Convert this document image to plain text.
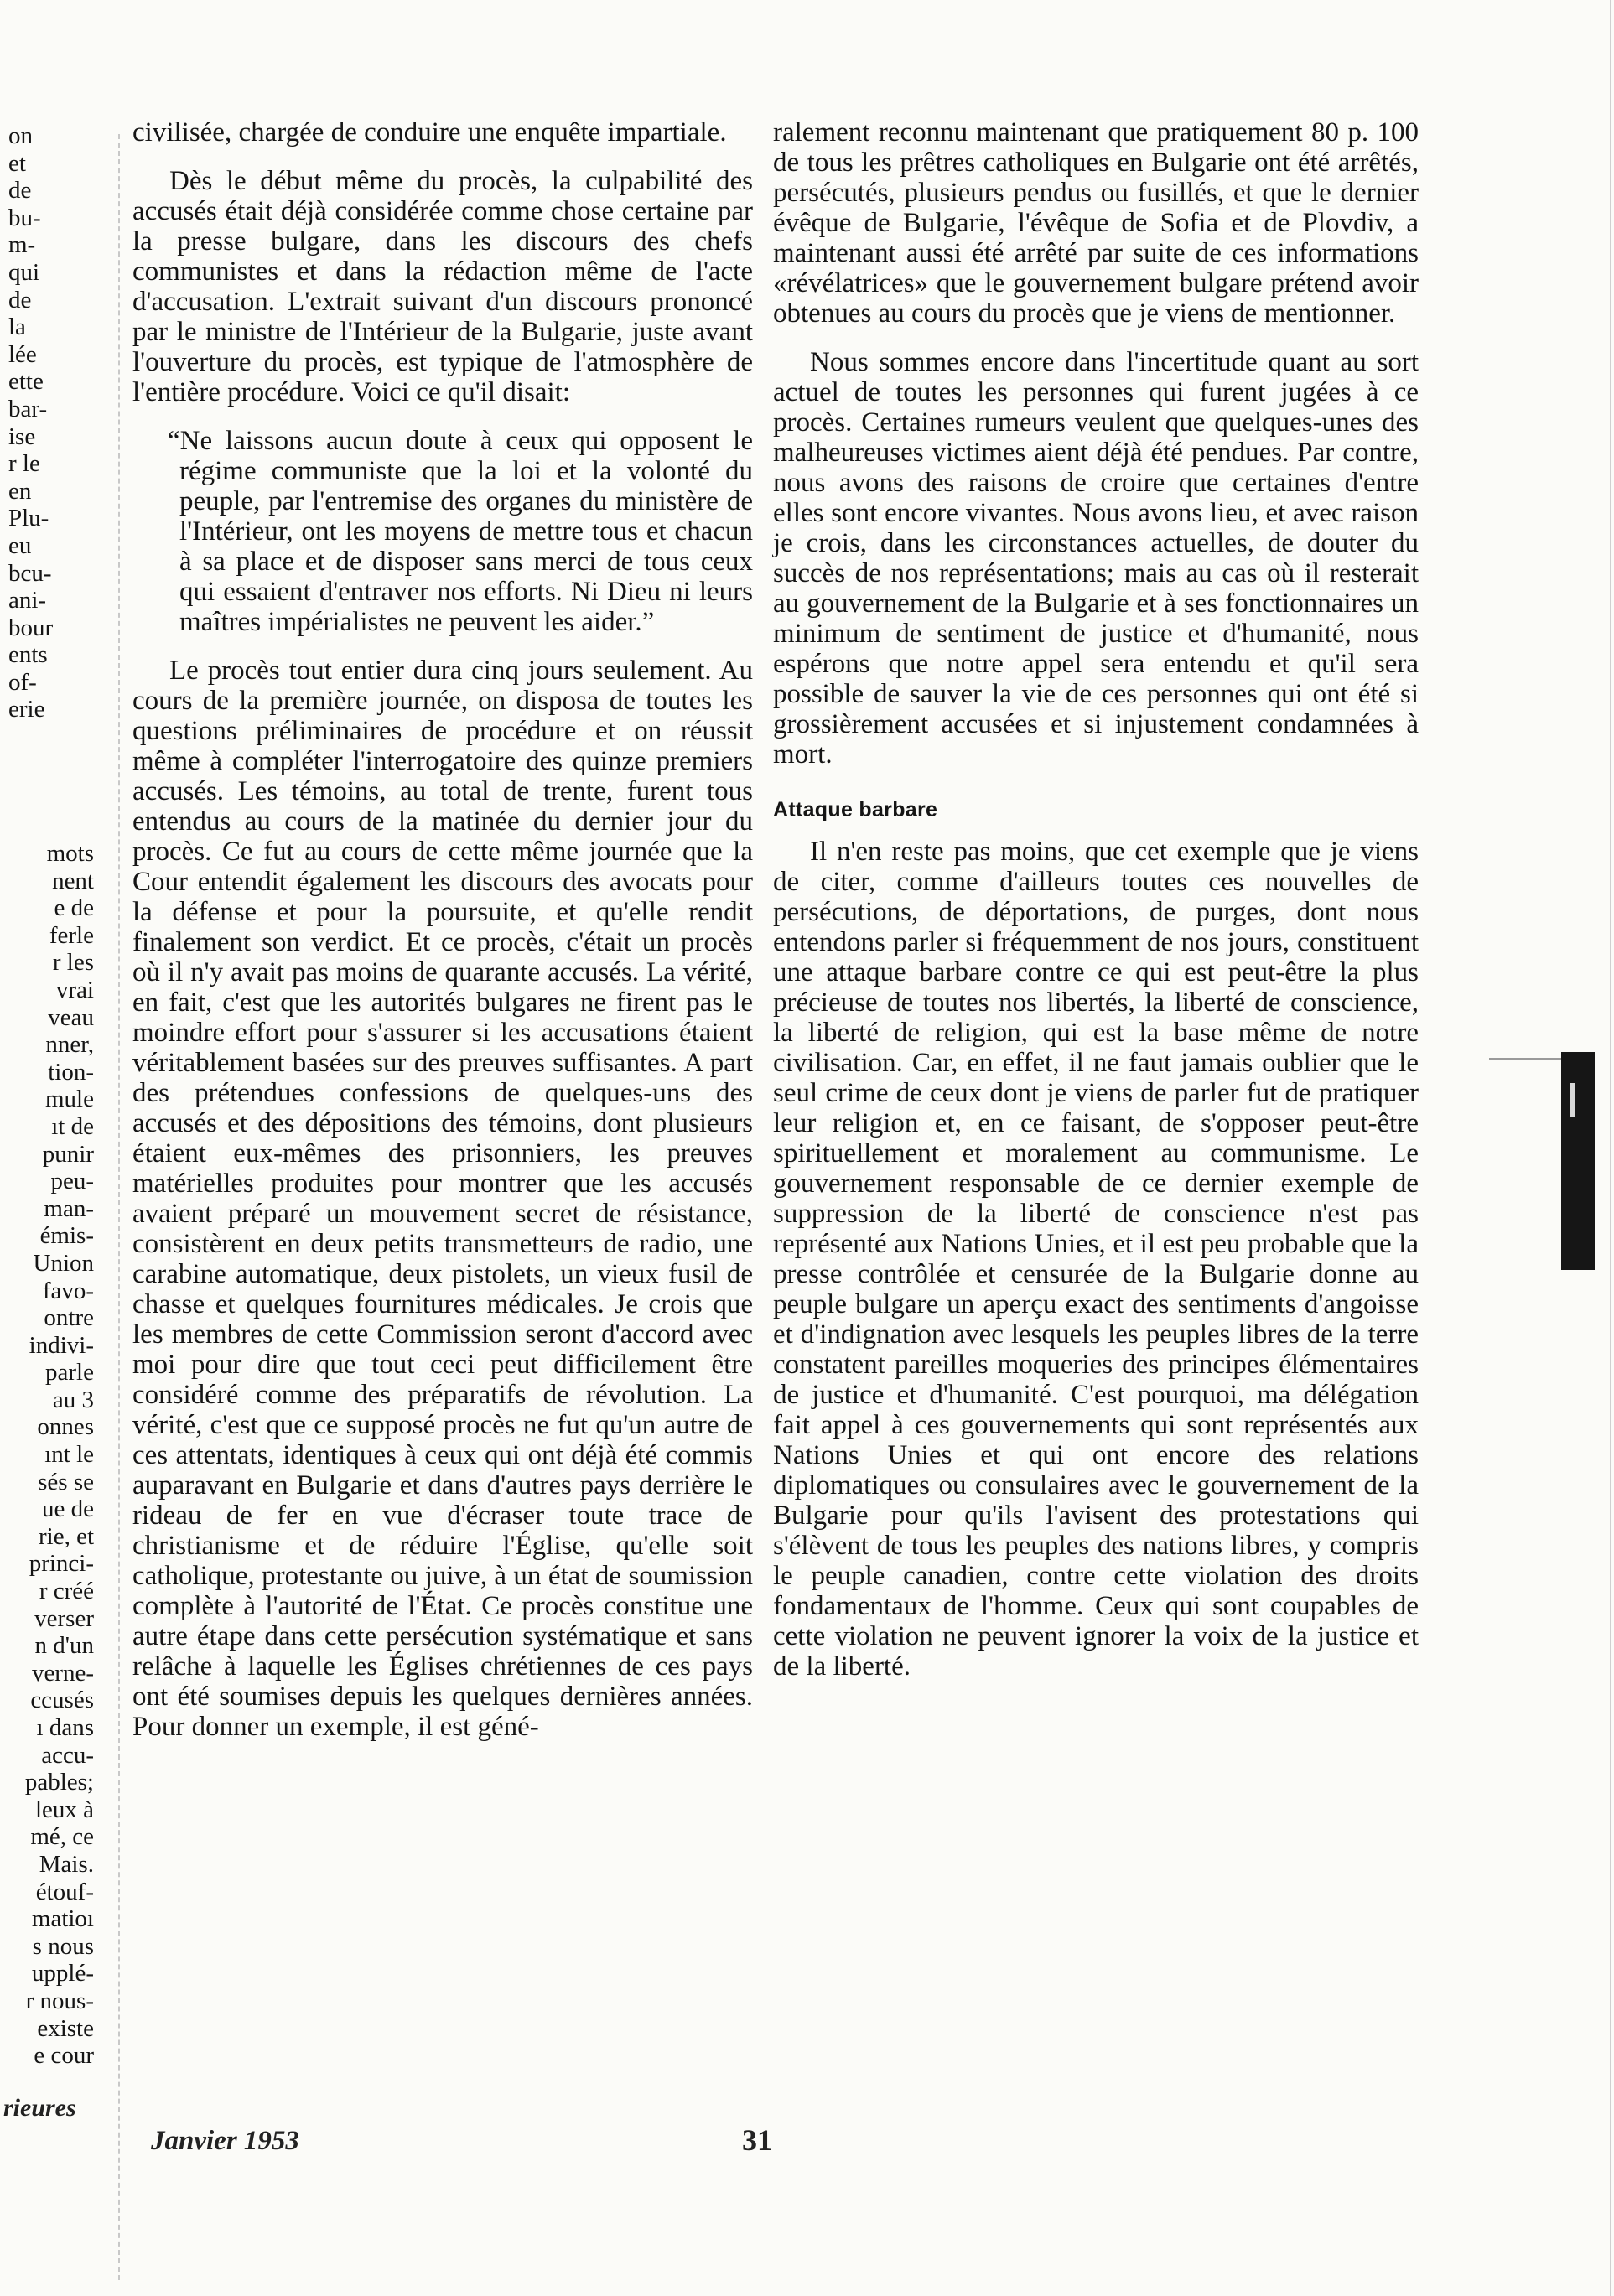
on
et
de
bu-
m-
qui
de
la
lée
ette
bar-
ise
r le
en
Plu-
eu
bcu-
ani-
bour
ents
of-
erie
mots
nent
e de
ferle
r les
vrai
veau
nner,
tion-
mule
ıt de
punir
peu-
man-
émis-
Union
favo-
ontre
indivi-
parle
au 3
onnes
ınt le
sés se
ue de
rie, et
princi-
r créé
verser
n d'un
verne-
ccusés
ı dans
accu-
pables;
leux à
mé, ce
Mais.
étouf-
matioı
s nous
upplé-
r nous-
existe
e cour

civilisée, chargée de conduire une enquête impartiale.

Dès le début même du procès, la culpabilité des accusés était déjà considérée comme chose certaine par la presse bulgare, dans les discours des chefs communistes et dans la rédaction même de l'acte d'accusation. L'extrait suivant d'un discours prononcé par le ministre de l'Intérieur de la Bulgarie, juste avant l'ouverture du procès, est typique de l'atmosphère de l'entière procédure. Voici ce qu'il disait:

“Ne laissons aucun doute à ceux qui opposent le régime communiste que la loi et la volonté du peuple, par l'entremise des organes du ministère de l'Intérieur, ont les moyens de mettre tous et chacun à sa place et de disposer sans merci de tous ceux qui essaient d'entraver nos efforts. Ni Dieu ni leurs maîtres impérialistes ne peuvent les aider.”

Le procès tout entier dura cinq jours seulement. Au cours de la première journée, on disposa de toutes les questions préliminaires de procédure et on réussit même à compléter l'interrogatoire des quinze premiers accusés. Les témoins, au total de trente, furent tous entendus au cours de la matinée du dernier jour du procès. Ce fut au cours de cette même journée que la Cour entendit également les discours des avocats pour la défense et pour la poursuite, et qu'elle rendit finalement son verdict. Et ce procès, c'était un procès où il n'y avait pas moins de quarante accusés. La vérité, en fait, c'est que les autorités bulgares ne firent pas le moindre effort pour s'assurer si les accusations étaient véritablement basées sur des preuves suffisantes. A part des prétendues confessions de quelques-uns des accusés et des dépositions des témoins, dont plusieurs étaient eux-mêmes des prisonniers, les preuves matérielles produites pour montrer que les accusés avaient préparé un mouvement secret de résistance, consistèrent en deux petits transmetteurs de radio, une carabine automatique, deux pistolets, un vieux fusil de chasse et quelques fournitures médicales. Je crois que les membres de cette Commission seront d'accord avec moi pour dire que tout ceci peut difficilement être considéré comme des préparatifs de révolution. La vérité, c'est que ce supposé procès ne fut qu'un autre de ces attentats, identiques à ceux qui ont déjà été commis auparavant en Bulgarie et dans d'autres pays derrière le rideau de fer en vue d'écraser toute trace de christianisme et de réduire l'Église, qu'elle soit catholique, protestante ou juive, à un état de soumission complète à l'autorité de l'État. Ce procès constitue une autre étape dans cette persécution systématique et sans relâche à laquelle les Églises chrétiennes de ces pays ont été soumises depuis les quelques dernières années. Pour donner un exemple, il est géné-

ralement reconnu maintenant que pratiquement 80 p. 100 de tous les prêtres catholiques en Bulgarie ont été arrêtés, persécutés, plusieurs pendus ou fusillés, et que le dernier évêque de Bulgarie, l'évêque de Sofia et de Plovdiv, a maintenant aussi été arrêté par suite de ces informations «révélatrices» que le gouvernement bulgare prétend avoir obtenues au cours du procès que je viens de mentionner.

Nous sommes encore dans l'incertitude quant au sort actuel de toutes les personnes qui furent jugées à ce procès. Certaines rumeurs veulent que quelques-unes des malheureuses victimes aient déjà été pendues. Par contre, nous avons des raisons de croire que certaines d'entre elles sont encore vivantes. Nous avons lieu, et avec raison je crois, dans les circonstances actuelles, de douter du succès de nos représentations; mais au cas où il resterait au gouvernement de la Bulgarie et à ses fonctionnaires un minimum de sentiment de justice et d'humanité, nous espérons que notre appel sera entendu et qu'il sera possible de sauver la vie de ces personnes qui ont été si grossièrement accusées et si injustement condamnées à mort.

Attaque barbare

Il n'en reste pas moins, que cet exemple que je viens de citer, comme d'ailleurs toutes ces nouvelles de persécutions, de déportations, de purges, dont nous entendons parler si fréquemment de nos jours, constituent une attaque barbare contre ce qui est peut-être la plus précieuse de toutes nos libertés, la liberté de conscience, la liberté de religion, qui est la base même de notre civilisation. Car, en effet, il ne faut jamais oublier que le seul crime de ceux dont je viens de parler fut de pratiquer leur religion et, en ce faisant, de s'opposer peut-être spirituellement et moralement au communisme. Le gouvernement responsable de ce dernier exemple de suppression de la liberté de conscience n'est pas représenté aux Nations Unies, et il est peu probable que la presse contrôlée et censurée de la Bulgarie donne au peuple bulgare un aperçu exact des sentiments d'angoisse et d'indignation avec lesquels les peuples libres de la terre constatent pareilles moqueries des principes élémentaires de justice et d'humanité. C'est pourquoi, ma délégation fait appel à ces gouvernements qui sont représentés aux Nations Unies et qui ont encore des relations diplomatiques ou consulaires avec le gouvernement de la Bulgarie pour qu'ils l'avisent des protestations qui s'élèvent de tous les peuples des nations libres, y compris le peuple canadien, contre cette violation des droits fondamentaux de l'homme. Ceux qui sont coupables de cette violation ne peuvent ignorer la voix de la justice et de la liberté.

rieures
Janvier 1953	31
